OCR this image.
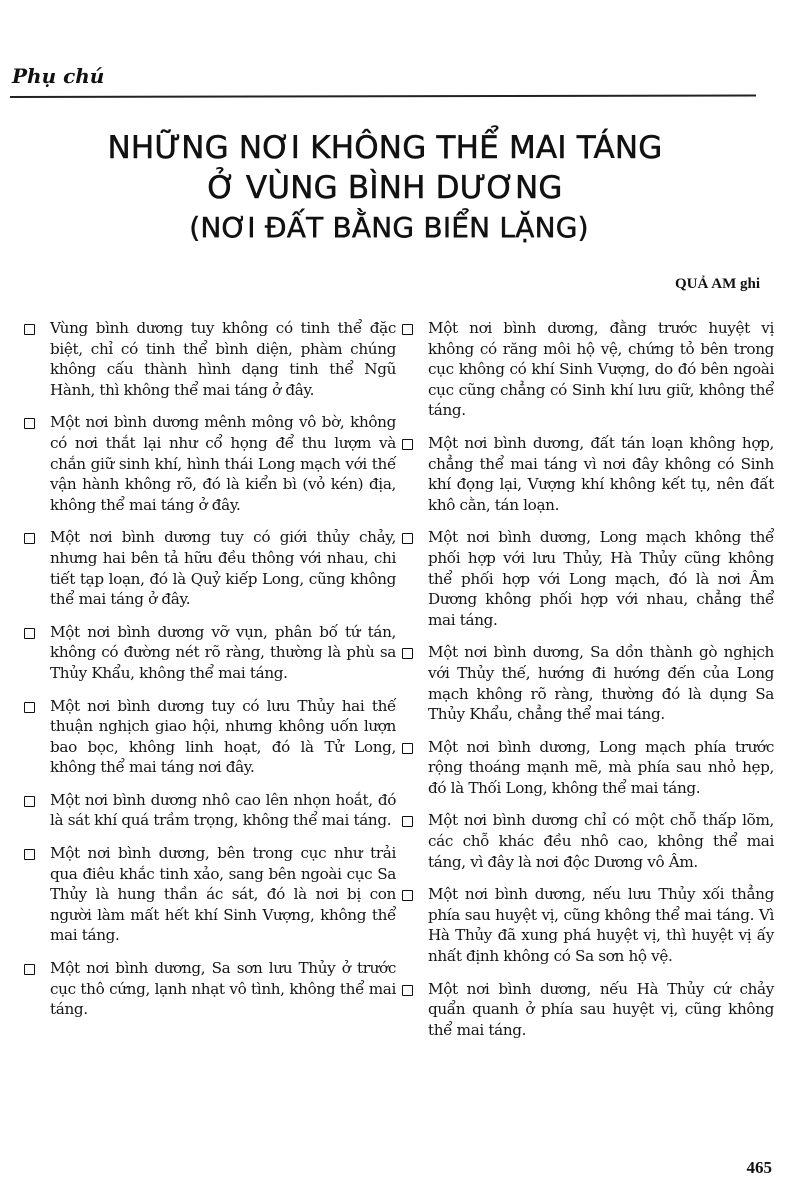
Phụ chú
NHỮNG NƠI KHÔNG THỂ MAI TÁNG
Ở VÙNG BÌNH DƯƠNG
(NƠI ĐẤT BẰNG BIỂN LẶNG)
QUẢ AM ghi
Vùng bình dương tuy không có tinh thể đặc biệt, chỉ có tinh thể bình diện, phàm chúng không cấu thành hình dạng tinh thể Ngũ Hành, thì không thể mai táng ở đây.
Một nơi bình dương mênh mông vô bờ, không có nơi thắt lại như cổ họng để thu lượm và chắn giữ sinh khí, hình thái Long mạch với thế vận hành không rõ, đó là kiển bì (vỏ kén) địa, không thể mai táng ở đây.
Một nơi bình dương tuy có giới thủy chảy, nhưng hai bên tả hữu đều thông với nhau, chi tiết tạp loạn, đó là Quỷ kiếp Long, cũng không thể mai táng ở đây.
Một nơi bình dương vỡ vụn, phân bố tứ tán, không có đường nét rõ ràng, thường là phù sa Thủy Khẩu, không thể mai táng.
Một nơi bình dương tuy có lưu Thủy hai thế thuận nghịch giao hội, nhưng không uốn lượn bao bọc, không linh hoạt, đó là Tử Long, không thể mai táng nơi đây.
Một nơi bình dương nhô cao lên nhọn hoắt, đó là sát khí quá trầm trọng, không thể mai táng.
Một nơi bình dương, bên trong cục như trải qua điêu khắc tinh xảo, sang bên ngoài cục Sa Thủy là hung thần ác sát, đó là nơi bị con người làm mất hết khí Sinh Vượng, không thể mai táng.
Một nơi bình dương, Sa sơn lưu Thủy ở trước cục thô cứng, lạnh nhạt vô tình, không thể mai táng.
Một nơi bình dương, đằng trước huyệt vị không có răng môi hộ vệ, chứng tỏ bên trong cục không có khí Sinh Vượng, do đó bên ngoài cục cũng chẳng có Sinh khí lưu giữ, không thể táng.
Một nơi bình dương, đất tán loạn không hợp, chẳng thể mai táng vì nơi đây không có Sinh khí đọng lại, Vượng khí không kết tụ, nên đất khô cằn, tán loạn.
Một nơi bình dương, Long mạch không thể phối hợp với lưu Thủy, Hà Thủy cũng không thể phối hợp với Long mạch, đó là nơi Âm Dương không phối hợp với nhau, chẳng thể mai táng.
Một nơi bình dương, Sa dồn thành gò nghịch với Thủy thế, hướng đi hướng đến của Long mạch không rõ ràng, thường đó là dụng Sa Thủy Khẩu, chẳng thể mai táng.
Một nơi bình dương, Long mạch phía trước rộng thoáng mạnh mẽ, mà phía sau nhỏ hẹp, đó là Thối Long, không thể mai táng.
Một nơi bình dương chỉ có một chỗ thấp lõm, các chỗ khác đều nhô cao, không thể mai táng, vì đây là nơi độc Dương vô Âm.
Một nơi bình dương, nếu lưu Thủy xối thẳng phía sau huyệt vị, cũng không thể mai táng. Vì Hà Thủy đã xung phá huyệt vị, thì huyệt vị ấy nhất định không có Sa sơn hộ vệ.
Một nơi bình dương, nếu Hà Thủy cứ chảy quẩn quanh ở phía sau huyệt vị, cũng không thể mai táng.
465
